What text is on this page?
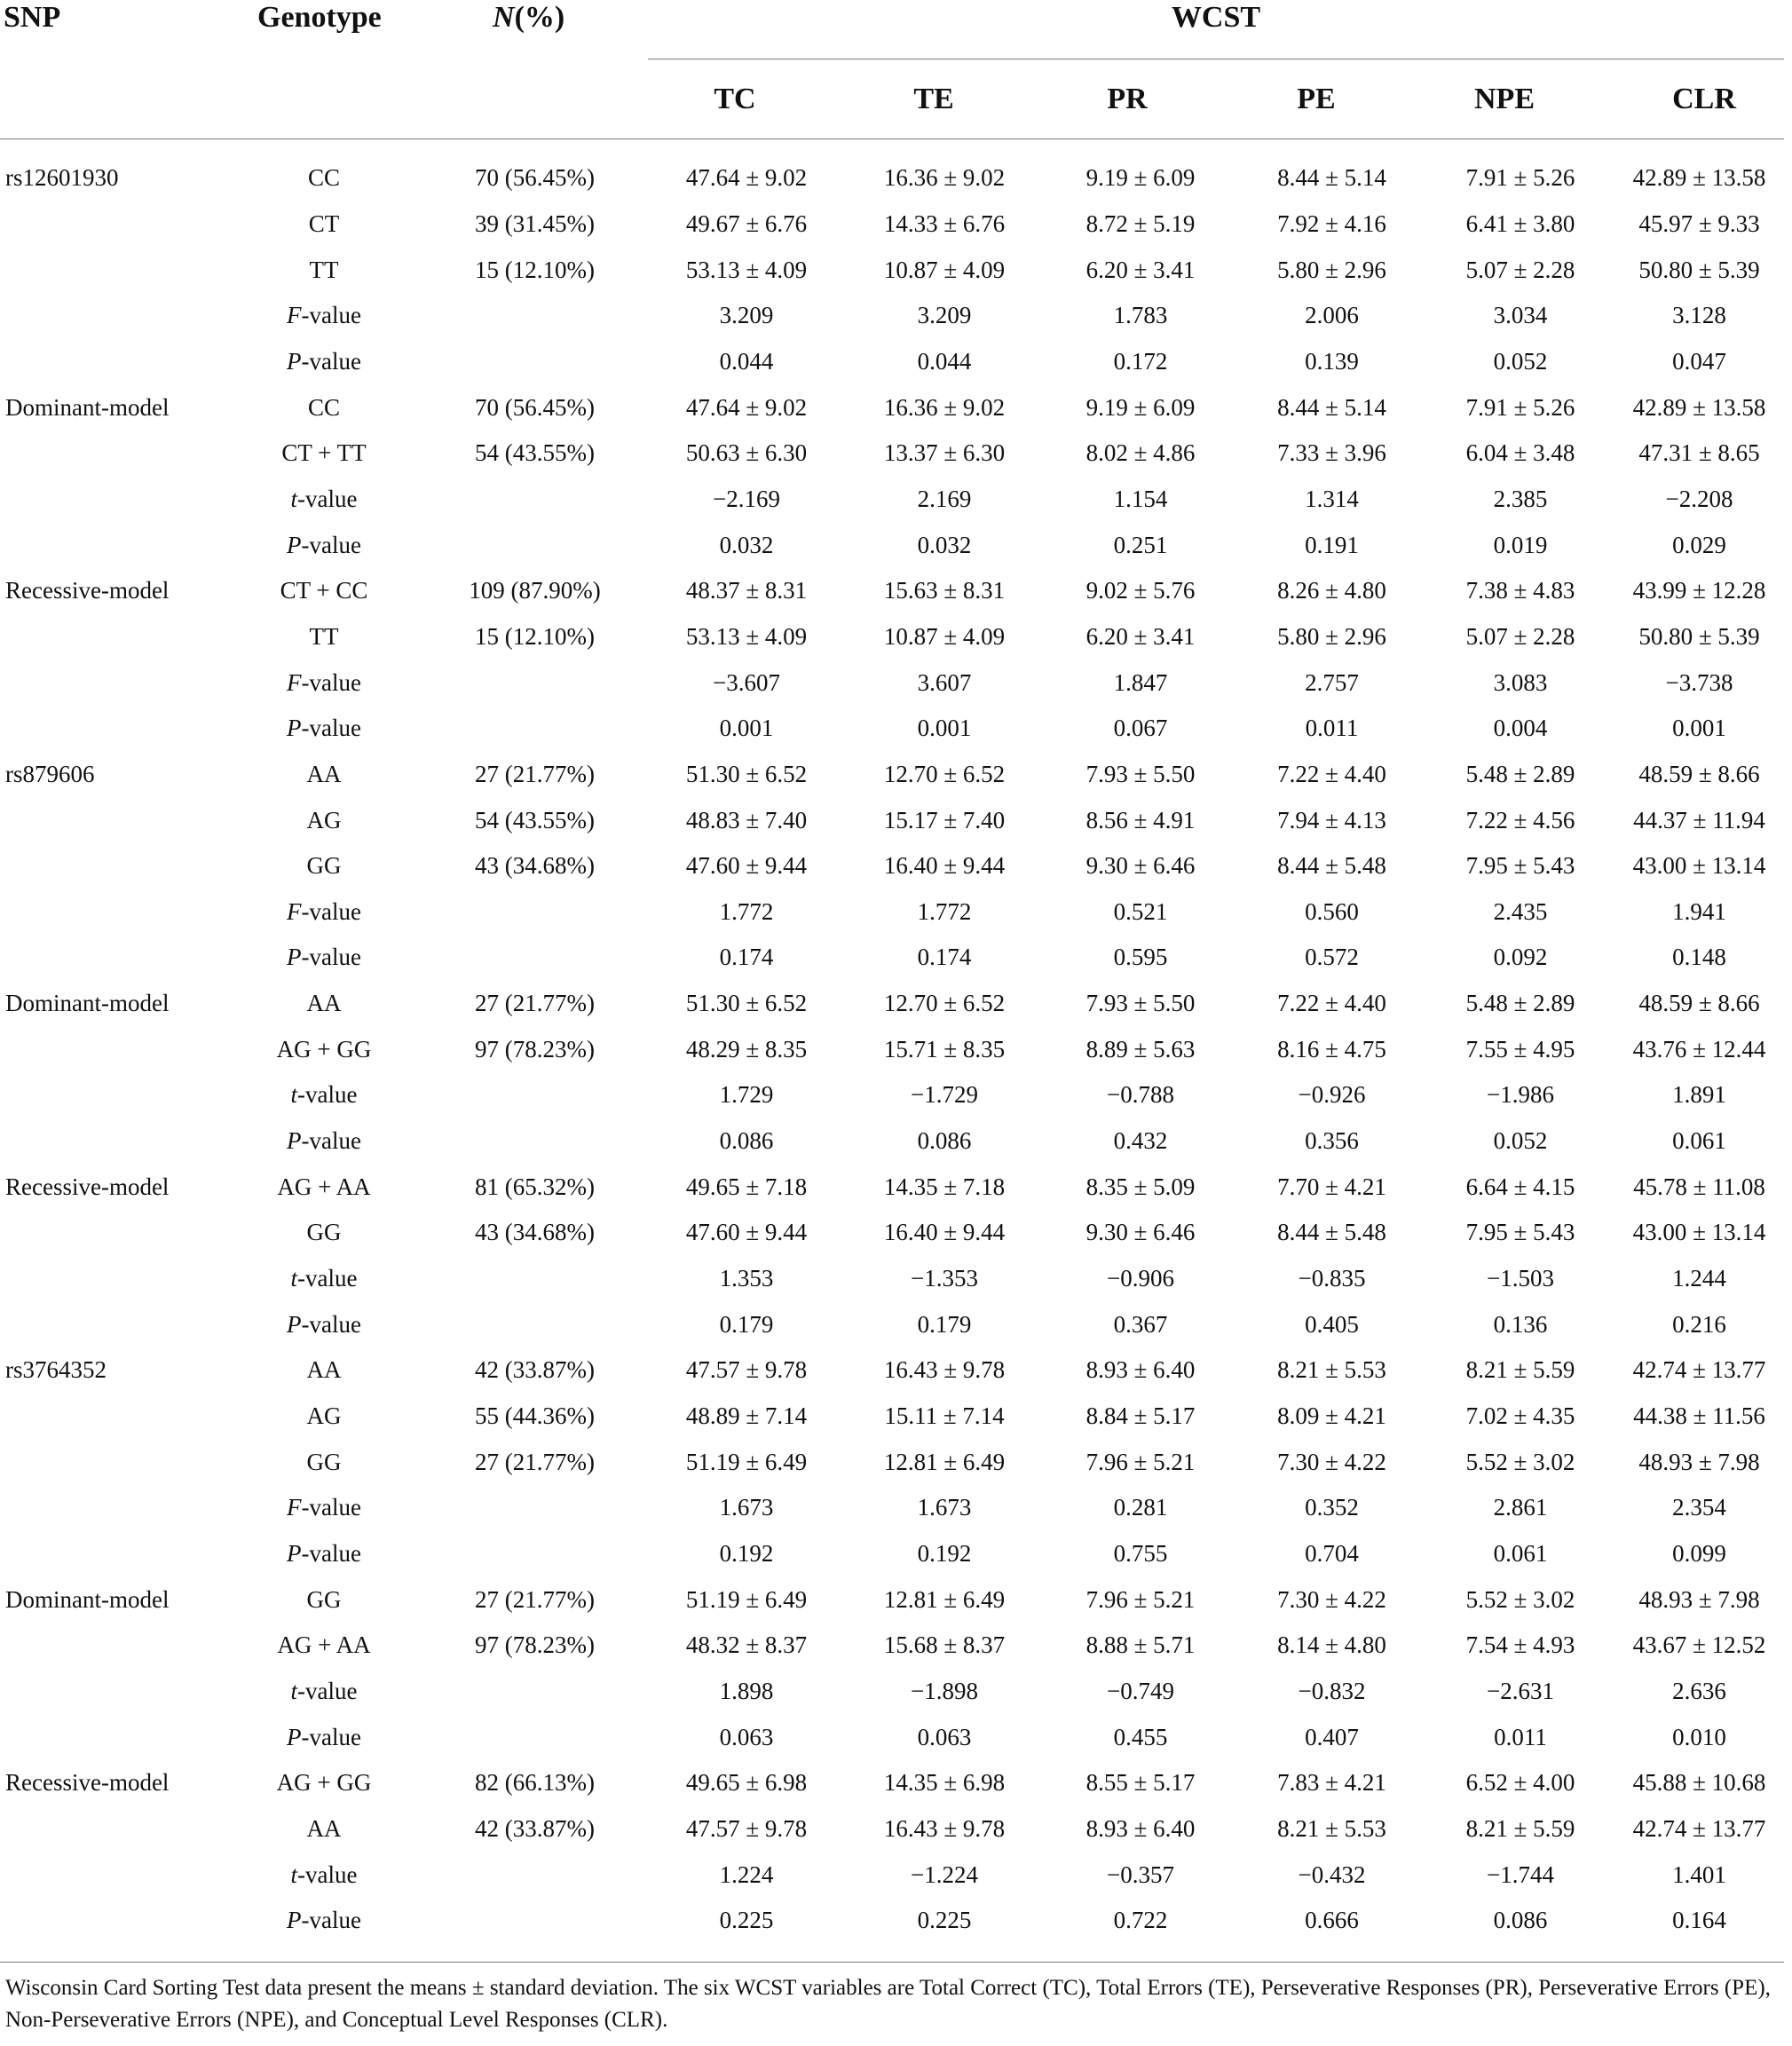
SNP	Genotype	N(%)	WCST
TC	TE	PR	PE	NPE	CLR
rs12601930	CC	70 (56.45%)	47.64 ± 9.02	16.36 ± 9.02	9.19 ± 6.09	8.44 ± 5.14	7.91 ± 5.26	42.89 ± 13.58
	CT	39 (31.45%)	49.67 ± 6.76	14.33 ± 6.76	8.72 ± 5.19	7.92 ± 4.16	6.41 ± 3.80	45.97 ± 9.33
	TT	15 (12.10%)	53.13 ± 4.09	10.87 ± 4.09	6.20 ± 3.41	5.80 ± 2.96	5.07 ± 2.28	50.80 ± 5.39
	F-value		3.209	3.209	1.783	2.006	3.034	3.128
	P-value		0.044	0.044	0.172	0.139	0.052	0.047
Dominant-model	CC	70 (56.45%)	47.64 ± 9.02	16.36 ± 9.02	9.19 ± 6.09	8.44 ± 5.14	7.91 ± 5.26	42.89 ± 13.58
	CT + TT	54 (43.55%)	50.63 ± 6.30	13.37 ± 6.30	8.02 ± 4.86	7.33 ± 3.96	6.04 ± 3.48	47.31 ± 8.65
	t-value		−2.169	2.169	1.154	1.314	2.385	−2.208
	P-value		0.032	0.032	0.251	0.191	0.019	0.029
Recessive-model	CT + CC	109 (87.90%)	48.37 ± 8.31	15.63 ± 8.31	9.02 ± 5.76	8.26 ± 4.80	7.38 ± 4.83	43.99 ± 12.28
	TT	15 (12.10%)	53.13 ± 4.09	10.87 ± 4.09	6.20 ± 3.41	5.80 ± 2.96	5.07 ± 2.28	50.80 ± 5.39
	F-value		−3.607	3.607	1.847	2.757	3.083	−3.738
	P-value		0.001	0.001	0.067	0.011	0.004	0.001
rs879606	AA	27 (21.77%)	51.30 ± 6.52	12.70 ± 6.52	7.93 ± 5.50	7.22 ± 4.40	5.48 ± 2.89	48.59 ± 8.66
	AG	54 (43.55%)	48.83 ± 7.40	15.17 ± 7.40	8.56 ± 4.91	7.94 ± 4.13	7.22 ± 4.56	44.37 ± 11.94
	GG	43 (34.68%)	47.60 ± 9.44	16.40 ± 9.44	9.30 ± 6.46	8.44 ± 5.48	7.95 ± 5.43	43.00 ± 13.14
	F-value		1.772	1.772	0.521	0.560	2.435	1.941
	P-value		0.174	0.174	0.595	0.572	0.092	0.148
Dominant-model	AA	27 (21.77%)	51.30 ± 6.52	12.70 ± 6.52	7.93 ± 5.50	7.22 ± 4.40	5.48 ± 2.89	48.59 ± 8.66
	AG + GG	97 (78.23%)	48.29 ± 8.35	15.71 ± 8.35	8.89 ± 5.63	8.16 ± 4.75	7.55 ± 4.95	43.76 ± 12.44
	t-value		1.729	−1.729	−0.788	−0.926	−1.986	1.891
	P-value		0.086	0.086	0.432	0.356	0.052	0.061
Recessive-model	AG + AA	81 (65.32%)	49.65 ± 7.18	14.35 ± 7.18	8.35 ± 5.09	7.70 ± 4.21	6.64 ± 4.15	45.78 ± 11.08
	GG	43 (34.68%)	47.60 ± 9.44	16.40 ± 9.44	9.30 ± 6.46	8.44 ± 5.48	7.95 ± 5.43	43.00 ± 13.14
	t-value		1.353	−1.353	−0.906	−0.835	−1.503	1.244
	P-value		0.179	0.179	0.367	0.405	0.136	0.216
rs3764352	AA	42 (33.87%)	47.57 ± 9.78	16.43 ± 9.78	8.93 ± 6.40	8.21 ± 5.53	8.21 ± 5.59	42.74 ± 13.77
	AG	55 (44.36%)	48.89 ± 7.14	15.11 ± 7.14	8.84 ± 5.17	8.09 ± 4.21	7.02 ± 4.35	44.38 ± 11.56
	GG	27 (21.77%)	51.19 ± 6.49	12.81 ± 6.49	7.96 ± 5.21	7.30 ± 4.22	5.52 ± 3.02	48.93 ± 7.98
	F-value		1.673	1.673	0.281	0.352	2.861	2.354
	P-value		0.192	0.192	0.755	0.704	0.061	0.099
Dominant-model	GG	27 (21.77%)	51.19 ± 6.49	12.81 ± 6.49	7.96 ± 5.21	7.30 ± 4.22	5.52 ± 3.02	48.93 ± 7.98
	AG + AA	97 (78.23%)	48.32 ± 8.37	15.68 ± 8.37	8.88 ± 5.71	8.14 ± 4.80	7.54 ± 4.93	43.67 ± 12.52
	t-value		1.898	−1.898	−0.749	−0.832	−2.631	2.636
	P-value		0.063	0.063	0.455	0.407	0.011	0.010
Recessive-model	AG + GG	82 (66.13%)	49.65 ± 6.98	14.35 ± 6.98	8.55 ± 5.17	7.83 ± 4.21	6.52 ± 4.00	45.88 ± 10.68
	AA	42 (33.87%)	47.57 ± 9.78	16.43 ± 9.78	8.93 ± 6.40	8.21 ± 5.53	8.21 ± 5.59	42.74 ± 13.77
	t-value		1.224	−1.224	−0.357	−0.432	−1.744	1.401
	P-value		0.225	0.225	0.722	0.666	0.086	0.164
Wisconsin Card Sorting Test data present the means ± standard deviation. The six WCST variables are Total Correct (TC), Total Errors (TE), Perseverative Responses (PR), Perseverative Errors (PE), Non-Perseverative Errors (NPE), and Conceptual Level Responses (CLR).
